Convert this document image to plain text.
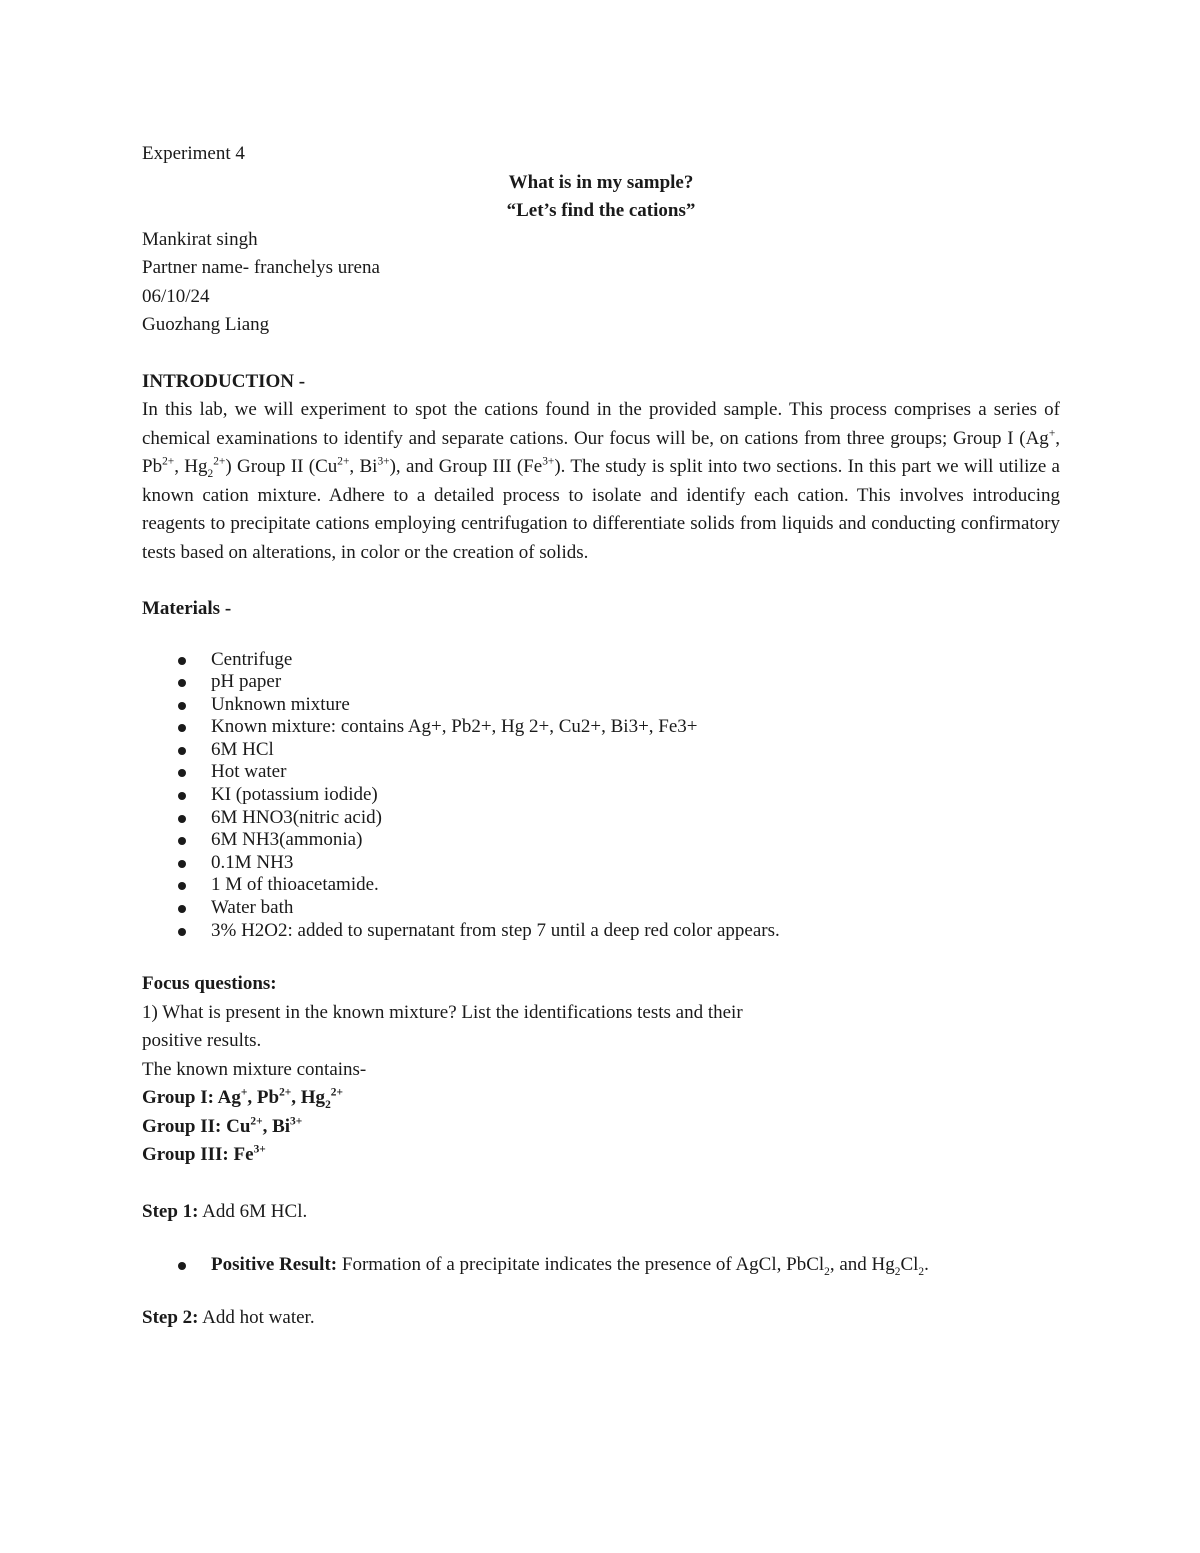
Experiment 4
What is in my sample?
“Let’s find the cations”
Mankirat singh
Partner name- franchelys urena
06/10/24
Guozhang Liang
INTRODUCTION -
In this lab, we will experiment to spot the cations found in the provided sample. This process comprises a series of chemical examinations to identify and separate cations. Our focus will be, on cations from three groups; Group I (Ag+, $Pb^{2+}$, $Hg_2^{2+}$) Group II ($Cu^{2+}$, $Bi^{3+}$), and Group III $(Fe^{3+})$. The study is split into two sections. In this part we will utilize a known cation mixture. Adhere to a detailed process to isolate and identify each cation. This involves introducing reagents to precipitate cations employing centrifugation to differentiate solids from liquids and conducting confirmatory tests based on alterations, in color or the creation of solids.
Materials -
Centrifuge
pH paper
Unknown mixture
Known mixture: contains Ag+, Pb2+, Hg 2+, Cu2+, Bi3+, Fe3+
6M HCl
Hot water
KI (potassium iodide)
6M HNO3(nitric acid)
6M NH3(ammonia)
0.1M NH3
1 M of thioacetamide.
Water bath
3% H2O2: added to supernatant from step 7 until a deep red color appears.
Focus questions:
1) What is present in the known mixture? List the identifications tests and their
positive results.
The known mixture contains-
Group I: Ag+, $Pb^{2+}$, $Hg_2^{2+}$
Group II: $Cu^{2+}$, $Bi^{3+}$
Group III: $Fe^{3+}$
Step 1: Add 6M HCl.
Positive Result: Formation of a precipitate indicates the presence of AgCl, PbCl$_2$, and $Hg_2Cl_2$.
Step 2: Add hot water.
